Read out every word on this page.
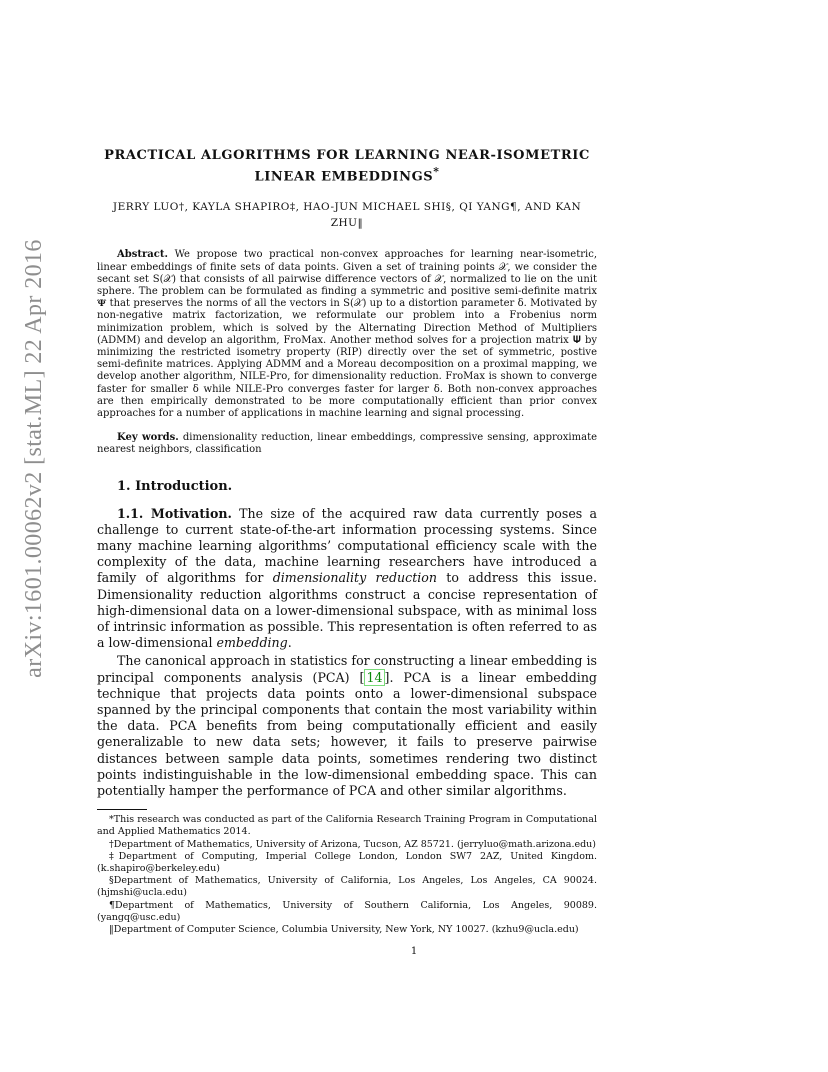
arXiv:1601.00062v2 [stat.ML] 22 Apr 2016

PRACTICAL ALGORITHMS FOR LEARNING NEAR-ISOMETRIC
LINEAR EMBEDDINGS*

JERRY LUO†, KAYLA SHAPIRO‡, HAO-JUN MICHAEL SHI§, QI YANG¶, AND KAN ZHU‖

Abstract. We propose two practical non-convex approaches for learning near-isometric, linear embeddings of finite sets of data points. Given a set of training points 𝒳, we consider the secant set S(𝒳) that consists of all pairwise difference vectors of 𝒳, normalized to lie on the unit sphere. The problem can be formulated as finding a symmetric and positive semi-definite matrix 𝚿 that preserves the norms of all the vectors in S(𝒳) up to a distortion parameter δ. Motivated by non-negative matrix factorization, we reformulate our problem into a Frobenius norm minimization problem, which is solved by the Alternating Direction Method of Multipliers (ADMM) and develop an algorithm, FroMax. Another method solves for a projection matrix 𝚿 by minimizing the restricted isometry property (RIP) directly over the set of symmetric, postive semi-definite matrices. Applying ADMM and a Moreau decomposition on a proximal mapping, we develop another algorithm, NILE-Pro, for dimensionality reduction. FroMax is shown to converge faster for smaller δ while NILE-Pro converges faster for larger δ. Both non-convex approaches are then empirically demonstrated to be more computationally efficient than prior convex approaches for a number of applications in machine learning and signal processing.

Key words. dimensionality reduction, linear embeddings, compressive sensing, approximate nearest neighbors, classification

1. Introduction.

1.1. Motivation. The size of the acquired raw data currently poses a challenge to current state-of-the-art information processing systems. Since many machine learning algorithms’ computational efficiency scale with the complexity of the data, machine learning researchers have introduced a family of algorithms for dimensionality reduction to address this issue. Dimensionality reduction algorithms construct a concise representation of high-dimensional data on a lower-dimensional subspace, with as minimal loss of intrinsic information as possible. This representation is often referred to as a low-dimensional embedding.

The canonical approach in statistics for constructing a linear embedding is principal components analysis (PCA) [ 14 ]. PCA is a linear embedding technique that projects data points onto a lower-dimensional subspace spanned by the principal components that contain the most variability within the data. PCA benefits from being computationally efficient and easily generalizable to new data sets; however, it fails to preserve pairwise distances between sample data points, sometimes rendering two distinct points indistinguishable in the low-dimensional embedding space. This can potentially hamper the performance of PCA and other similar algorithms.

*This research was conducted as part of the California Research Training Program in Computational and Applied Mathematics 2014.

†Department of Mathematics, University of Arizona, Tucson, AZ 85721. (jerryluo@math.arizona.edu)

‡Department of Computing, Imperial College London, London SW7 2AZ, United Kingdom. (k.shapiro@berkeley.edu)

§Department of Mathematics, University of California, Los Angeles, Los Angeles, CA 90024. (hjmshi@ucla.edu)

¶Department of Mathematics, University of Southern California, Los Angeles, 90089. (yangq@usc.edu)

‖Department of Computer Science, Columbia University, New York, NY 10027. (kzhu9@ucla.edu)

1
